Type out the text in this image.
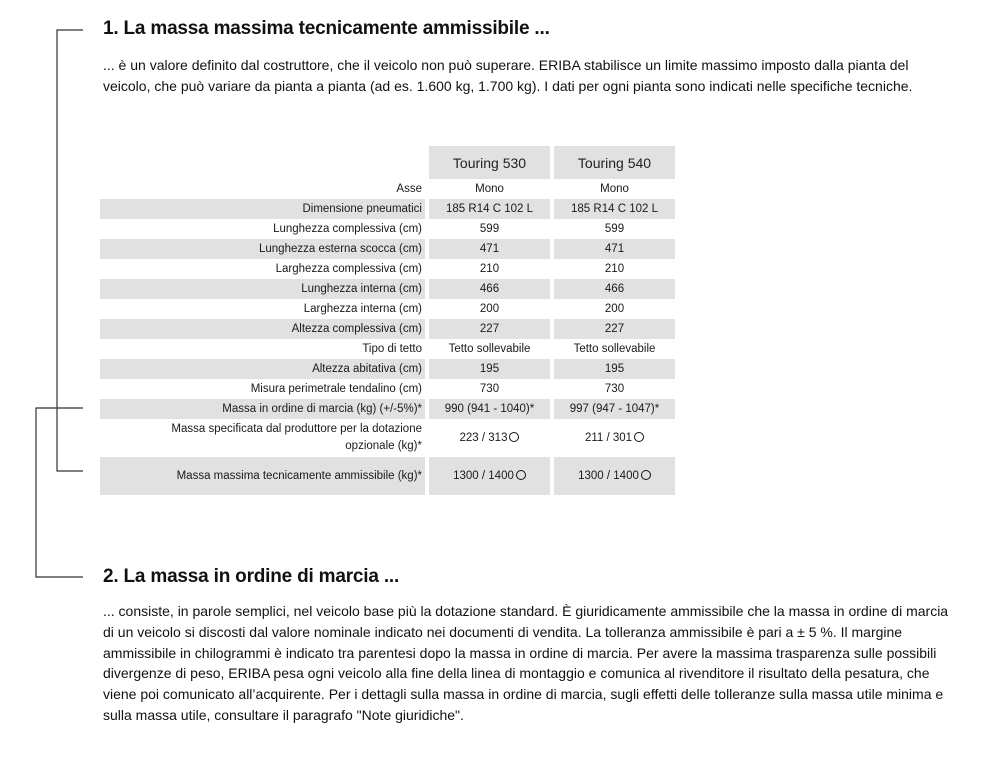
1. La massa massima tecnicamente ammissibile ...

... è un valore definito dal costruttore, che il veicolo non può superare. ERIBA stabilisce un limite massimo imposto dalla pianta del veicolo, che può variare da pianta a pianta (ad es. 1.600 kg, 1.700 kg). I dati per ogni pianta sono indicati nelle specifiche tecniche.

		Touring 530		Touring 540
Asse		Mono		Mono
Dimensione pneumatici		185 R14 C 102 L		185 R14 C 102 L
Lunghezza complessiva (cm)		599		599
Lunghezza esterna scocca (cm)		471		471
Larghezza complessiva (cm)		210		210
Lunghezza interna (cm)		466		466
Larghezza interna (cm)		200		200
Altezza complessiva (cm)		227		227
Tipo di tetto		Tetto sollevabile		Tetto sollevabile
Altezza abitativa (cm)		195		195
Misura perimetrale tendalino (cm)		730		730
Massa in ordine di marcia (kg) (+/-5%)*		990 (941 - 1040)*		997 (947 - 1047)*
Massa specificata dal produttore per la dotazione
opzionale (kg)*		223 / 313		211 / 301
Massa massima tecnicamente ammissibile (kg)*		1300 / 1400		1300 / 1400
2. La massa in ordine di marcia ...

... consiste, in parole semplici, nel veicolo base più la dotazione standard. È giuridicamente ammissibile che la massa in ordine di marcia di un veicolo si discosti dal valore nominale indicato nei documenti di vendita. La tolleranza ammissibile è pari a ± 5 %. Il margine ammissibile in chilogrammi è indicato tra parentesi dopo la massa in ordine di marcia. Per avere la massima trasparenza sulle possibili divergenze di peso, ERIBA pesa ogni veicolo alla fine della linea di montaggio e comunica al rivenditore il risultato della pesatura, che viene poi comunicato all’acquirente. Per i dettagli sulla massa in ordine di marcia, sugli effetti delle tolleranze sulla massa utile minima e sulla massa utile, consultare il paragrafo "Note giuridiche".
